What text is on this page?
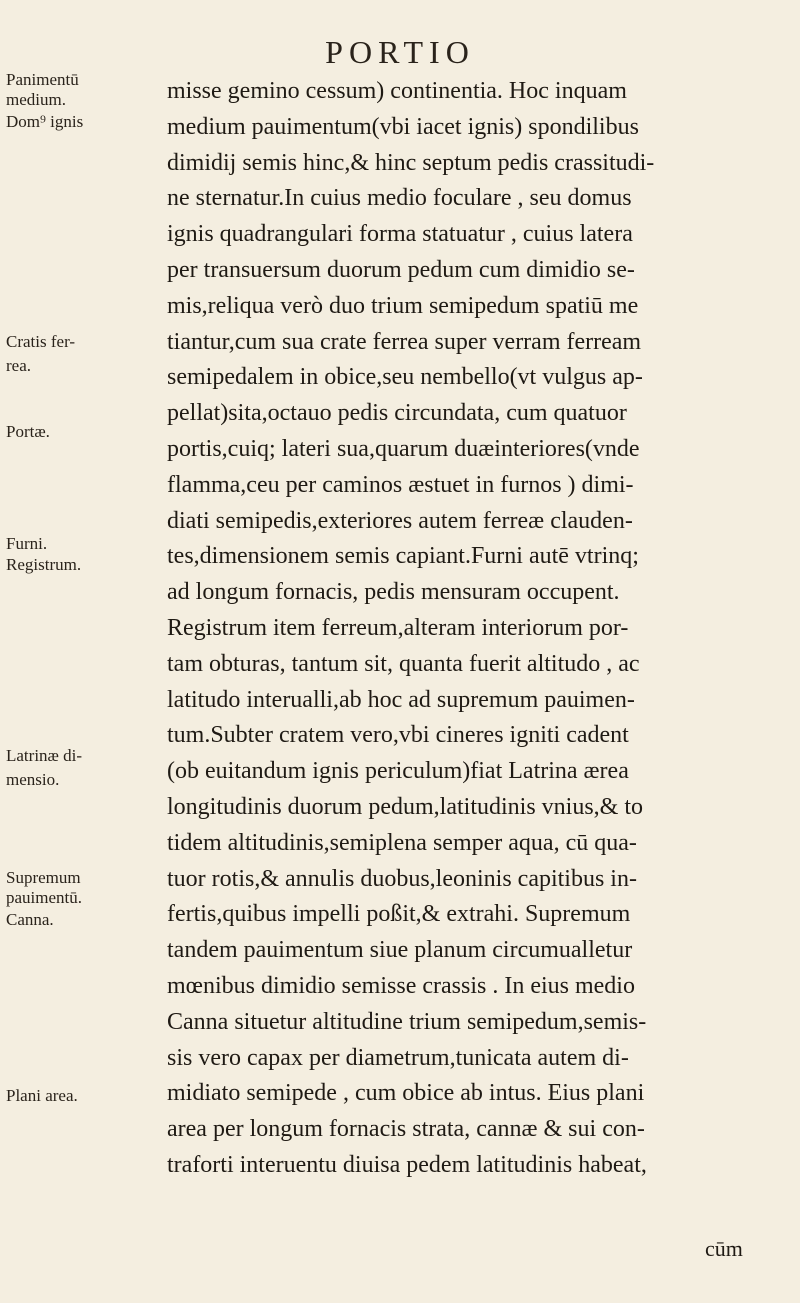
PORTIO
misse gemino cessum) continentia. Hoc inquam
medium pauimentum(vbi iacet ignis) spondilibus
dimidij semis hinc,& hinc septum pedis crassitudi-
ne sternatur.In cuius medio foculare , seu domus
ignis quadrangulari forma statuatur , cuius latera
per transuersum duorum pedum cum dimidio se-
mis,reliqua verò duo trium semipedum spatiū me
tiantur,cum sua crate ferrea super verram ferream
semipedalem in obice,seu nembello(vt vulgus ap-
pellat)sita,octauo pedis circundata, cum quatuor
portis,cuiq; lateri sua,quarum duæinteriores(vnde
flamma,ceu per caminos æstuet in furnos ) dimi-
diati semipedis,exteriores autem ferreæ clauden-
tes,dimensionem semis capiant.Furni autē vtrinq;
ad longum fornacis, pedis mensuram occupent.
Registrum item ferreum,alteram interiorum por-
tam obturas, tantum sit, quanta fuerit altitudo , ac
latitudo interualli,ab hoc ad supremum pauimen-
tum.Subter cratem vero,vbi cineres igniti cadent
(ob euitandum ignis periculum)fiat Latrina ærea
longitudinis duorum pedum,latitudinis vnius,& to
tidem altitudinis,semiplena semper aqua, cū qua-
tuor rotis,& annulis duobus,leoninis capitibus in-
fertis,quibus impelli poßit,& extrahi. Supremum
tandem pauimentum siue planum circumualletur
mœnibus dimidio semisse crassis . In eius medio
Canna situetur altitudine trium semipedum,semis-
sis vero capax per diametrum,tunicata autem di-
midiato semipede , cum obice ab intus. Eius plani
area per longum fornacis strata, cannæ & sui con-
traforti interuentu diuisa pedem latitudinis habeat,
Panimentū
medium.
Dom⁹ ignis
Cratis fer-
rea.
Portæ.
Furni.
Registrum.
Latrinæ di-
mensio.
Supremum
pauimentū.
Canna.
Plani area.
cūm
